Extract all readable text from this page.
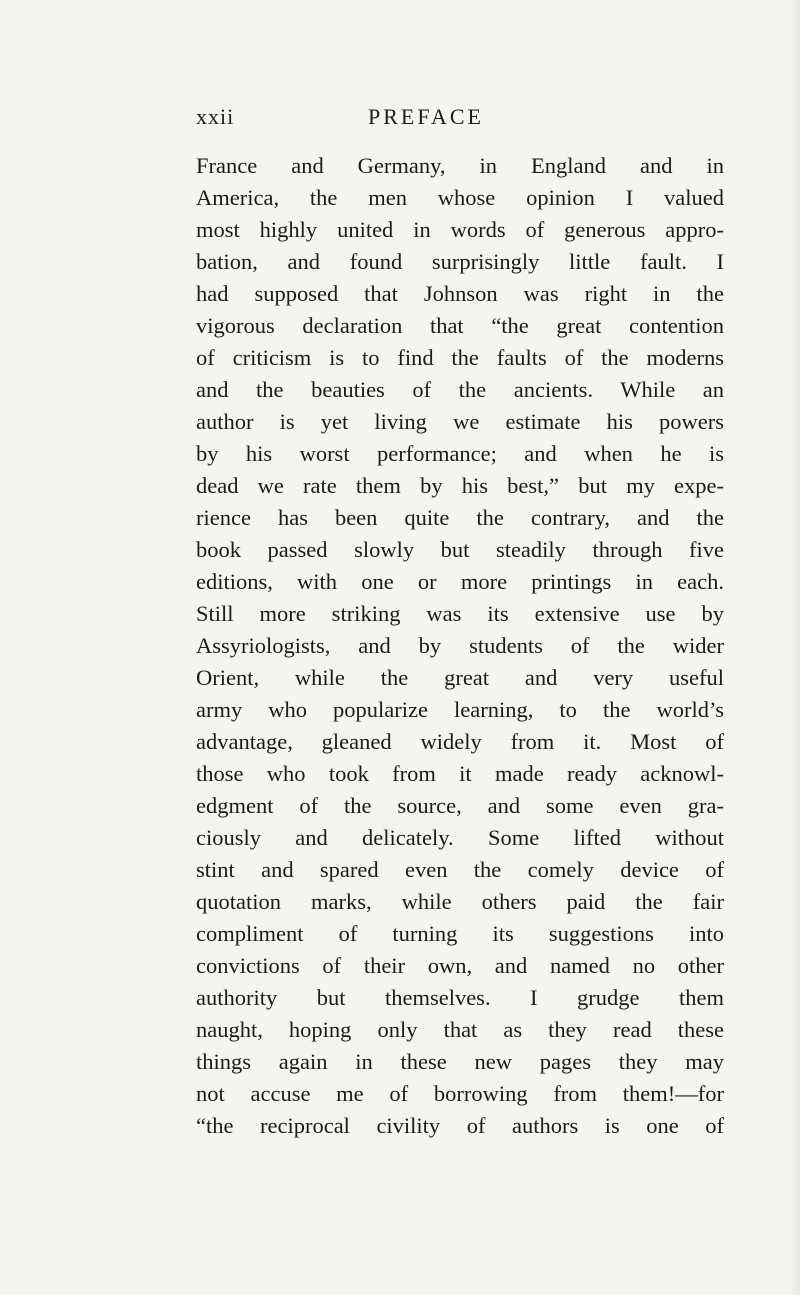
xxii	PREFACE
France and Germany, in England and in
America, the men whose opinion I valued
most highly united in words of generous appro-
bation, and found surprisingly little fault. I
had supposed that Johnson was right in the
vigorous declaration that “the great contention
of criticism is to find the faults of the moderns
and the beauties of the ancients. While an
author is yet living we estimate his powers
by his worst performance; and when he is
dead we rate them by his best,” but my expe-
rience has been quite the contrary, and the
book passed slowly but steadily through five
editions, with one or more printings in each.
Still more striking was its extensive use by
Assyriologists, and by students of the wider
Orient, while the great and very useful
army who popularize learning, to the world’s
advantage, gleaned widely from it. Most of
those who took from it made ready acknowl-
edgment of the source, and some even gra-
ciously and delicately. Some lifted without
stint and spared even the comely device of
quotation marks, while others paid the fair
compliment of turning its suggestions into
convictions of their own, and named no other
authority but themselves. I grudge them
naught, hoping only that as they read these
things again in these new pages they may
not accuse me of borrowing from them!—for
“the reciprocal civility of authors is one of
